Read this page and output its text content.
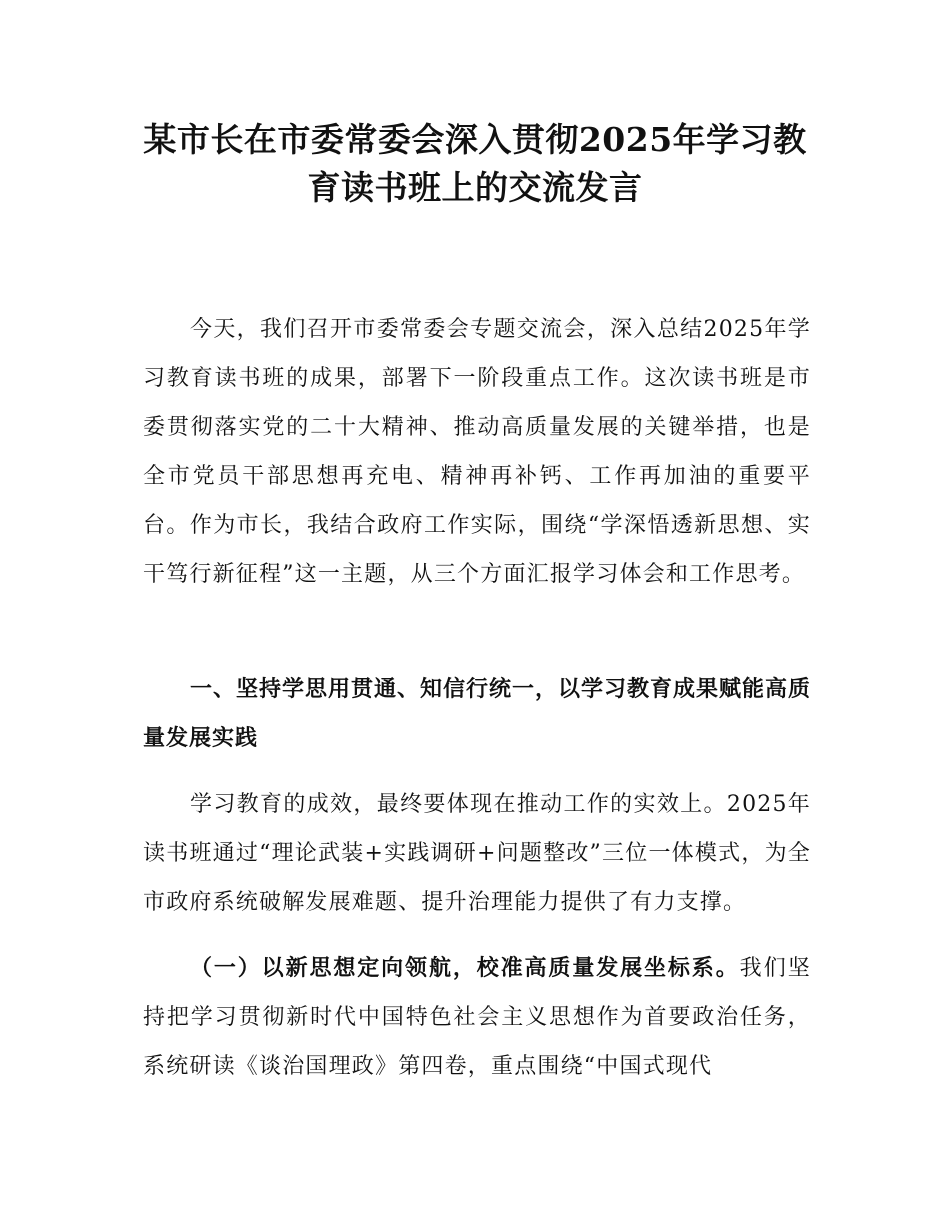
某市长在市委常委会深入贯彻2025年学习教育读书班上的交流发言

今天，我们召开市委常委会专题交流会，深入总结2025年学习教育读书班的成果，部署下一阶段重点工作。这次读书班是市委贯彻落实党的二十大精神、推动高质量发展的关键举措，也是全市党员干部思想再充电、精神再补钙、工作再加油的重要平台。作为市长，我结合政府工作实际，围绕“学深悟透新思想、实干笃行新征程”这一主题，从三个方面汇报学习体会和工作思考。

一、坚持学思用贯通、知信行统一，以学习教育成果赋能高质量发展实践

学习教育的成效，最终要体现在推动工作的实效上。2025年读书班通过“理论武装+实践调研+问题整改”三位一体模式，为全市政府系统破解发展难题、提升治理能力提供了有力支撑。

（一）以新思想定向领航，校准高质量发展坐标系。我们坚持把学习贯彻新时代中国特色社会主义思想作为首要政治任务，系统研读《谈治国理政》第四卷，重点围绕“中国式现代
